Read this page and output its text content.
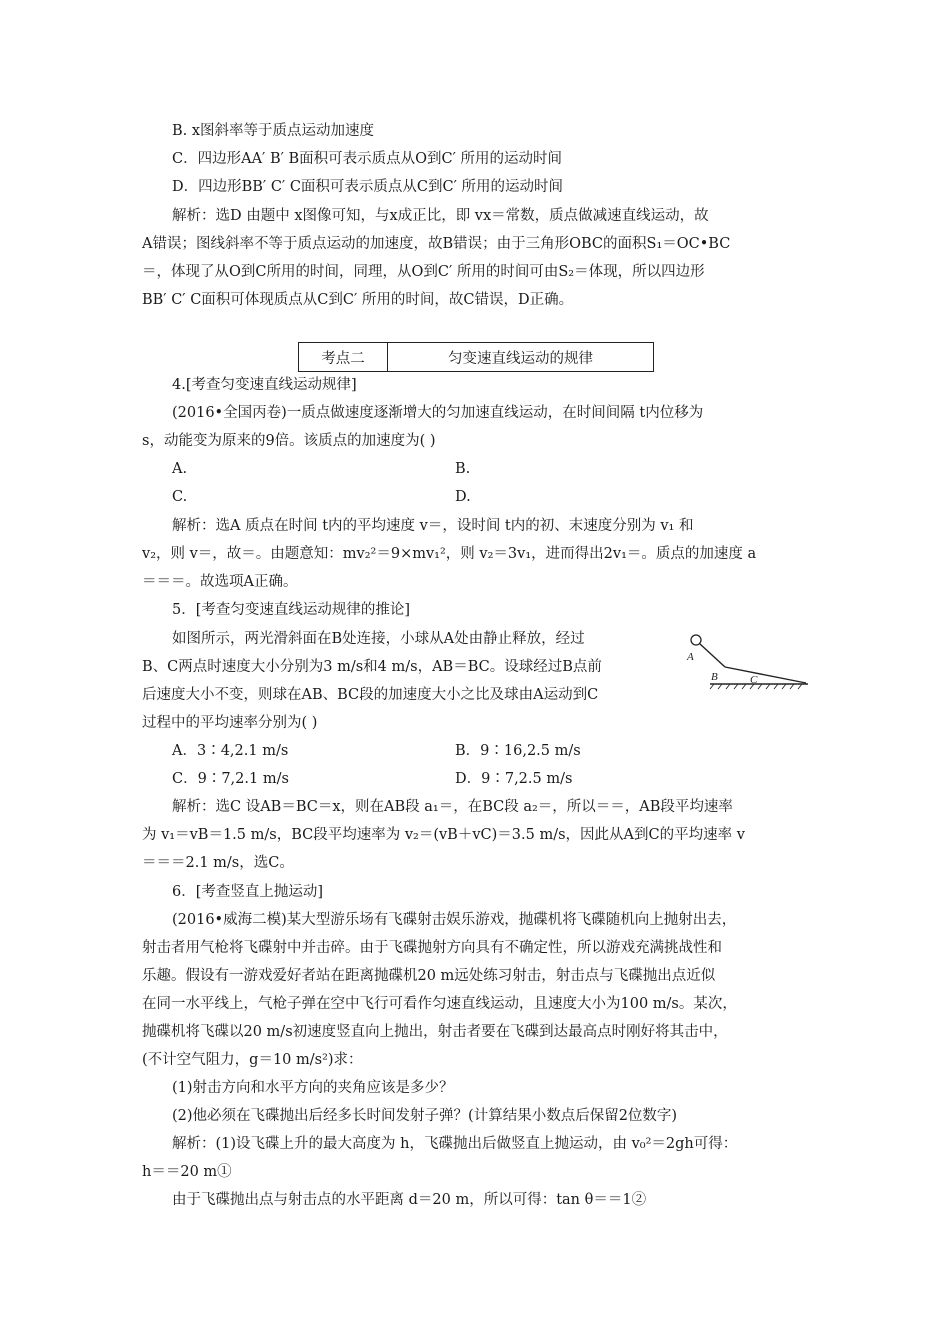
B. x图斜率等于质点运动加速度
C．四边形AA′ B′ B面积可表示质点从O到C′ 所用的运动时间
D．四边形BB′ C′ C面积可表示质点从C到C′ 所用的运动时间
解析：选D 由题中 x图像可知，与x成正比，即 vx＝常数，质点做减速直线运动，故
A错误；图线斜率不等于质点运动的加速度，故B错误；由于三角形OBC的面积S₁＝OC•BC
＝，体现了从O到C所用的时间，同理，从O到C′ 所用的时间可由S₂＝体现，所以四边形
BB′ C′ C面积可体现质点从C到C′ 所用的时间，故C错误，D正确。
考点二	匀变速直线运动的规律
4.[考查匀变速直线运动规律]
(2016•全国丙卷)一质点做速度逐渐增大的匀加速直线运动，在时间间隔 t内位移为
s，动能变为原来的9倍。该质点的加速度为( )
A.	B.
C.	D.
解析：选A 质点在时间 t内的平均速度 v＝，设时间 t内的初、末速度分别为 v₁ 和
v₂，则 v＝，故＝。由题意知：mv₂²＝9×mv₁²，则 v₂＝3v₁，进而得出2v₁＝。质点的加速度 a
＝＝＝。故选项A正确。
5．[考查匀变速直线运动规律的推论]
如图所示，两光滑斜面在B处连接，小球从A处由静止释放，经过
B、C两点时速度大小分别为3 m/s和4 m/s，AB＝BC。设球经过B点前
后速度大小不变，则球在AB、BC段的加速度大小之比及球由A运动到C
过程中的平均速率分别为( )
A
B	C
A．3∶4,2.1 m/s	B．9∶16,2.5 m/s
C．9∶7,2.1 m/s	D．9∶7,2.5 m/s
解析：选C 设AB＝BC＝x，则在AB段 a₁＝，在BC段 a₂＝，所以＝＝，AB段平均速率
为 v₁＝vB＝1.5 m/s，BC段平均速率为 v₂＝(vB＋vC)＝3.5 m/s，因此从A到C的平均速率 v
＝＝＝2.1 m/s，选C。
6．[考查竖直上抛运动]
(2016•威海二模)某大型游乐场有飞碟射击娱乐游戏，抛碟机将飞碟随机向上抛射出去，
射击者用气枪将飞碟射中并击碎。由于飞碟抛射方向具有不确定性，所以游戏充满挑战性和
乐趣。假设有一游戏爱好者站在距离抛碟机20 m远处练习射击，射击点与飞碟抛出点近似
在同一水平线上，气枪子弹在空中飞行可看作匀速直线运动，且速度大小为100 m/s。某次，
抛碟机将飞碟以20 m/s初速度竖直向上抛出，射击者要在飞碟到达最高点时刚好将其击中，
(不计空气阻力，g＝10 m/s²)求：
(1)射击方向和水平方向的夹角应该是多少？
(2)他必须在飞碟抛出后经多长时间发射子弹？(计算结果小数点后保留2位数字)
解析：(1)设飞碟上升的最大高度为 h，飞碟抛出后做竖直上抛运动，由 v₀²＝2gh可得：
h＝＝20 m①
由于飞碟抛出点与射击点的水平距离 d＝20 m，所以可得：tan θ＝＝1②
